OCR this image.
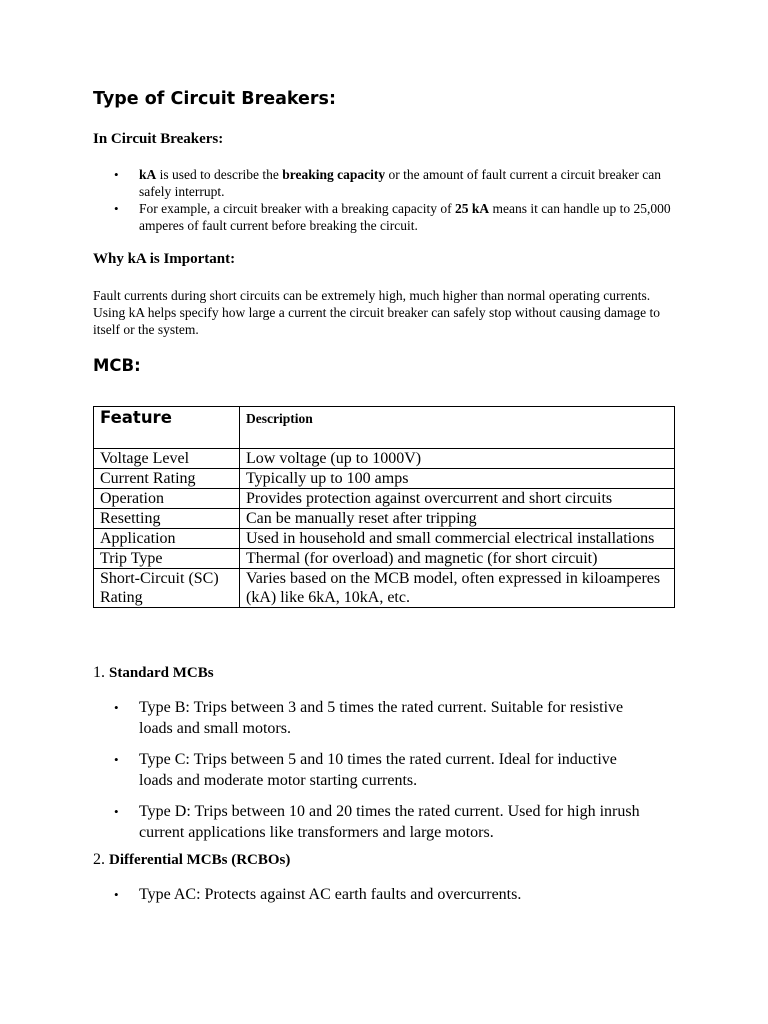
Type of Circuit Breakers:
In Circuit Breakers:
• kA is used to describe the breaking capacity or the amount of fault current a circuit breaker can safely interrupt.
• For example, a circuit breaker with a breaking capacity of 25 kA means it can handle up to 25,000 amperes of fault current before breaking the circuit.
Why kA is Important:

Fault currents during short circuits can be extremely high, much higher than normal operating currents. Using kA helps specify how large a current the circuit breaker can safely stop without causing damage to itself or the system.

MCB:
Feature	Description
Voltage Level	Low voltage (up to 1000V)
Current Rating	Typically up to 100 amps
Operation	Provides protection against overcurrent and short circuits
Resetting	Can be manually reset after tripping
Application	Used in household and small commercial electrical installations
Trip Type	Thermal (for overload) and magnetic (for short circuit)
Short-Circuit (SC) Rating	Varies based on the MCB model, often expressed in kiloamperes (kA) like 6kA, 10kA, etc.

1. Standard MCBs

• Type B: Trips between 3 and 5 times the rated current. Suitable for resistive loads and small motors.
• Type C: Trips between 5 and 10 times the rated current. Ideal for inductive loads and moderate motor starting currents.
• Type D: Trips between 10 and 20 times the rated current. Used for high inrush current applications like transformers and large motors.

2. Differential MCBs (RCBOs)

• Type AC: Protects against AC earth faults and overcurrents.
